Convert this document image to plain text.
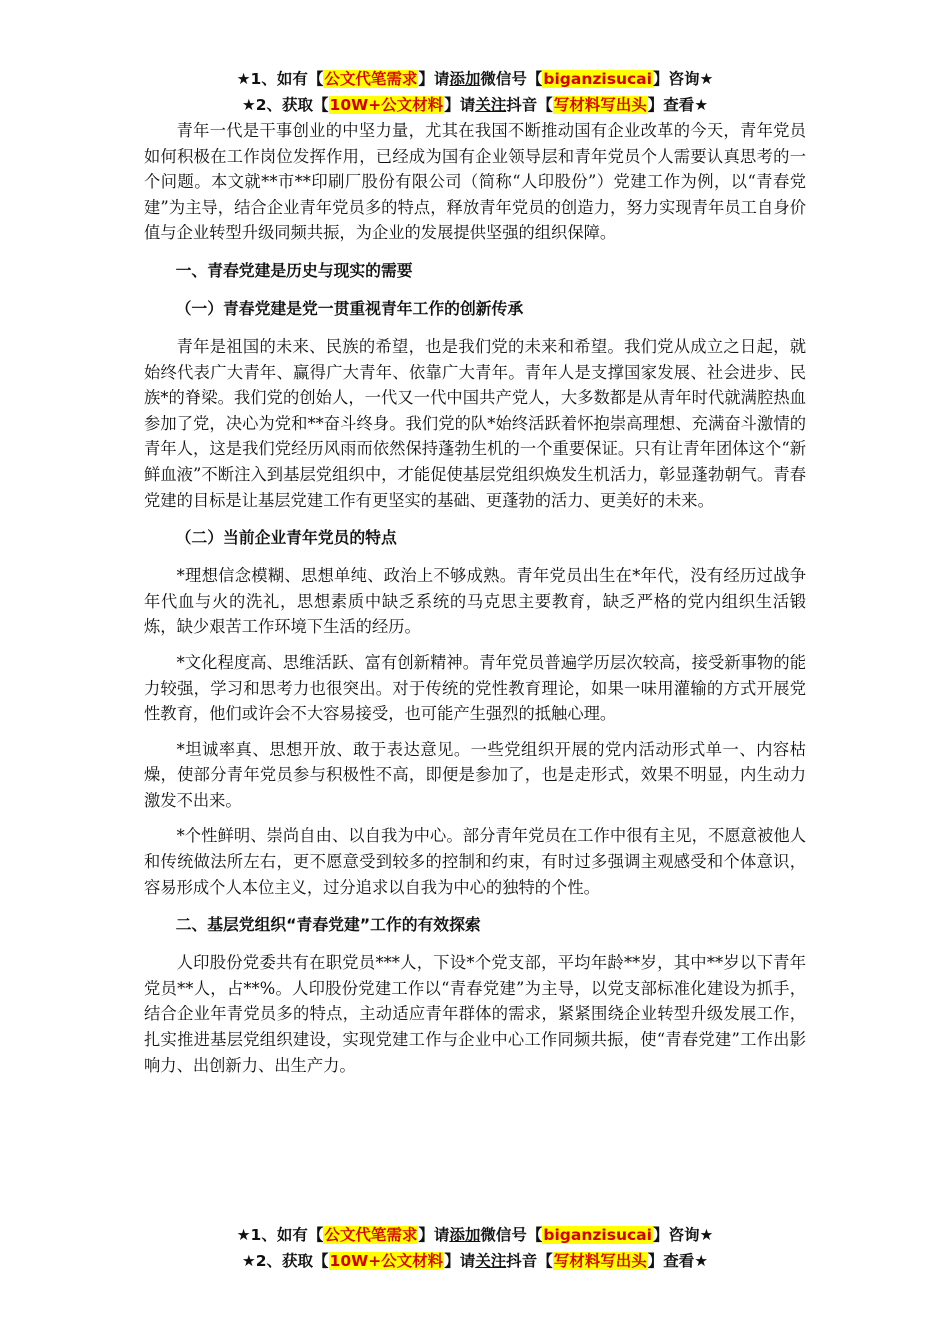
★1、如有【公文代笔需求】请添加微信号【biganzisucai】咨询★
★2、获取【10W+公文材料】请关注抖音【写材料写出头】查看★

青年一代是干事创业的中坚力量，尤其在我国不断推动国有企业改革的今天，青年党员如何积极在工作岗位发挥作用，已经成为国有企业领导层和青年党员个人需要认真思考的一个问题。本文就**市**印刷厂股份有限公司（简称“人印股份”）党建工作为例，以“青春党建”为主导，结合企业青年党员多的特点，释放青年党员的创造力，努力实现青年员工自身价值与企业转型升级同频共振，为企业的发展提供坚强的组织保障。

一、青春党建是历史与现实的需要

（一）青春党建是党一贯重视青年工作的创新传承

青年是祖国的未来、民族的希望，也是我们党的未来和希望。我们党从成立之日起，就始终代表广大青年、赢得广大青年、依靠广大青年。青年人是支撑国家发展、社会进步、民族*的脊梁。我们党的创始人，一代又一代中国共产党人，大多数都是从青年时代就满腔热血参加了党，决心为党和**奋斗终身。我们党的队*始终活跃着怀抱崇高理想、充满奋斗激情的青年人，这是我们党经历风雨而依然保持蓬勃生机的一个重要保证。只有让青年团体这个“新鲜血液”不断注入到基层党组织中，才能促使基层党组织焕发生机活力，彰显蓬勃朝气。青春党建的目标是让基层党建工作有更坚实的基础、更蓬勃的活力、更美好的未来。

（二）当前企业青年党员的特点

*理想信念模糊、思想单纯、政治上不够成熟。青年党员出生在*年代，没有经历过战争年代血与火的洗礼，思想素质中缺乏系统的马克思主要教育，缺乏严格的党内组织生活锻炼，缺少艰苦工作环境下生活的经历。

*文化程度高、思维活跃、富有创新精神。青年党员普遍学历层次较高，接受新事物的能力较强，学习和思考力也很突出。对于传统的党性教育理论，如果一味用灌输的方式开展党性教育，他们或许会不大容易接受，也可能产生强烈的抵触心理。

*坦诚率真、思想开放、敢于表达意见。一些党组织开展的党内活动形式单一、内容枯燥，使部分青年党员参与积极性不高，即便是参加了，也是走形式，效果不明显，内生动力激发不出来。

*个性鲜明、崇尚自由、以自我为中心。部分青年党员在工作中很有主见，不愿意被他人和传统做法所左右，更不愿意受到较多的控制和约束，有时过多强调主观感受和个体意识，容易形成个人本位主义，过分追求以自我为中心的独特的个性。

二、基层党组织“青春党建”工作的有效探索

人印股份党委共有在职党员***人，下设*个党支部，平均年龄**岁，其中**岁以下青年党员**人，占**%。人印股份党建工作以“青春党建”为主导，以党支部标准化建设为抓手，结合企业年青党员多的特点，主动适应青年群体的需求，紧紧围绕企业转型升级发展工作，扎实推进基层党组织建设，实现党建工作与企业中心工作同频共振，使“青春党建”工作出影响力、出创新力、出生产力。

★1、如有【公文代笔需求】请添加微信号【biganzisucai】咨询★
★2、获取【10W+公文材料】请关注抖音【写材料写出头】查看★
